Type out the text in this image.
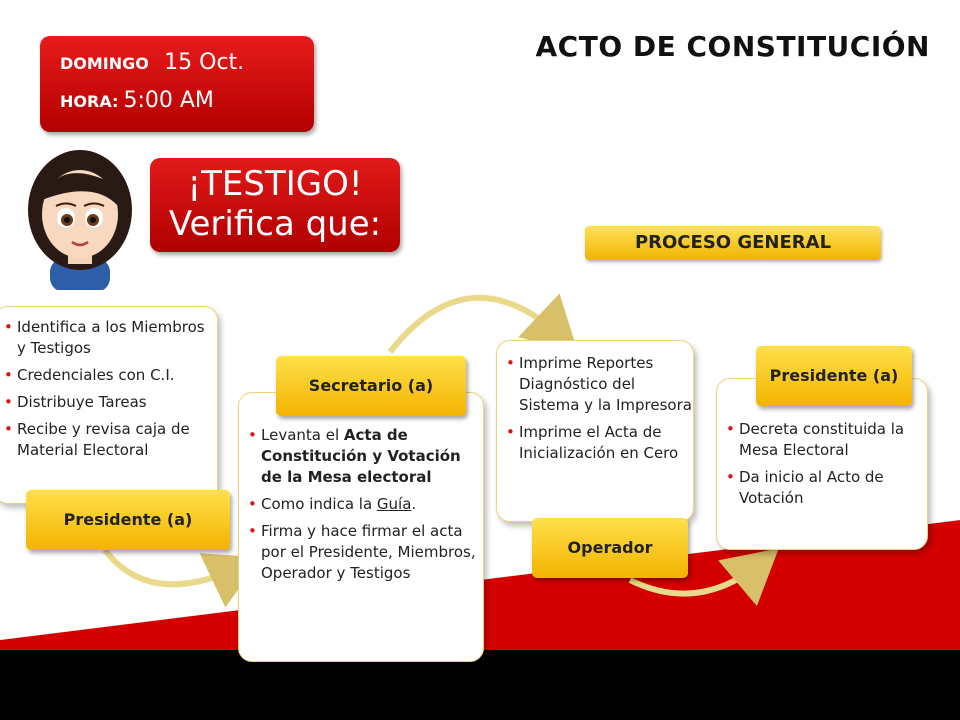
ACTO DE CONSTITUCIÓN
DOMINGO 15 Oct.
HORA: 5:00 AM
¡TESTIGO!
Verifica que:	PROCESO GENERAL
• Identifica a los Miembros y Testigos
• Credenciales con C.I.
• Distribuye Tareas
• Recibe y revisa caja de Material Electoral
Presidente (a)
• Levanta el Acta de Constitución y Votación de la Mesa electoral
• Como indica la Guía.
• Firma y hace firmar el acta por el Presidente, Miembros, Operador y Testigos
Secretario (a)
• Imprime Reportes Diagnóstico del Sistema y la Impresora
• Imprime el Acta de Inicialización en Cero
Operador
• Decreta constituida la Mesa Electoral
• Da inicio al Acto de Votación
Presidente (a)
